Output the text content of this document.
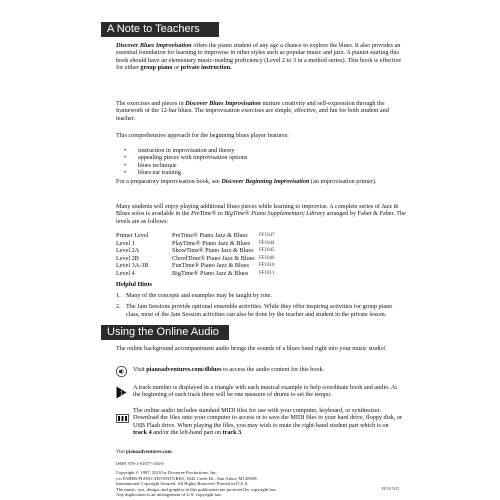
A Note to Teachers

Discover Blues Improvisation offers the piano student of any age a chance to explore the blues. It also provides an essential foundation for learning to improvise in other styles such as popular music and jazz. A pianist starting this book should have an elementary music-reading proficiency (Level 2 to 3 in a method series). This book is effective for either group piano or private instruction.

The exercises and pieces in Discover Blues Improvisation nurture creativity and self-expression through the framework of the 12-bar blues. The improvisation exercises are simple, effective, and fun for both student and teacher.

This comprehensive approach for the beginning blues player features:

• instruction in improvisation and theory
• appealing pieces with improvisation options
• blues technique
• blues ear training

For a preparatory improvisation book, see Discover Beginning Improvisation (an improvisation primer).

Many students will enjoy playing additional blues pieces while learning to improvise. A complete series of Jazz & Blues solos is available in the PreTime® to BigTime® Piano Supplementary Library arranged by Faber & Faber. The levels are as follows:

Primer Level	PreTime® Piano Jazz & Blues	FF1047
Level 1	PlayTime® Piano Jazz & Blues	FF1044
Level 2A	ShowTime® Piano Jazz & Blues	FF1045
Level 2B	ChordTime® Piano Jazz & Blues	FF1046
Level 3A-3B	FunTime® Piano Jazz & Blues	FF1010
Level 4	BigTime® Piano Jazz & Blues	FF1011

Helpful Hints

1. Many of the concepts and examples may be taught by rote.
2. The Jam Sessions provide optional ensemble activities. While they offer inspiring activities for group piano class, most of the Jam Session activities can also be done by the teacher and student in the private lesson.
Using the Online Audio

The online background accompaniment audio brings the sounds of a blues band right into your music studio!

Visit pianoadventures.com/dblues to access the audio content for this book.

1

A track number is displayed in a triangle with each musical example to help coordinate book and audio. At the beginning of each track there will be one measure of drums to set the tempo.

The online audio includes standard MIDI files for use with your computer, keyboard, or synthesizer. Download the files onto your computer to access or to save the MIDI files to your hard drive, floppy disk, or USB Flash drive. When playing the files, you may wish to mute the right-hand student part which is on track 4 and/or the left-hand part on track 3.

Visit pianoadventures.com.
ISBN 978-1-61677-156-0
Copyright © 1997, 2010 by Dovetree Productions, Inc.
c/o FABER PIANO ADVENTURES, 3042 Creek Dr., Ann Arbor, MI 48108
International Copyright Secured. All Rights Reserved. Printed in U.S.A.
The music, text, design, and graphics in this publication are protected by copyright law.
Any duplication is an infringement of U.S. copyright law.
FF1315CD
